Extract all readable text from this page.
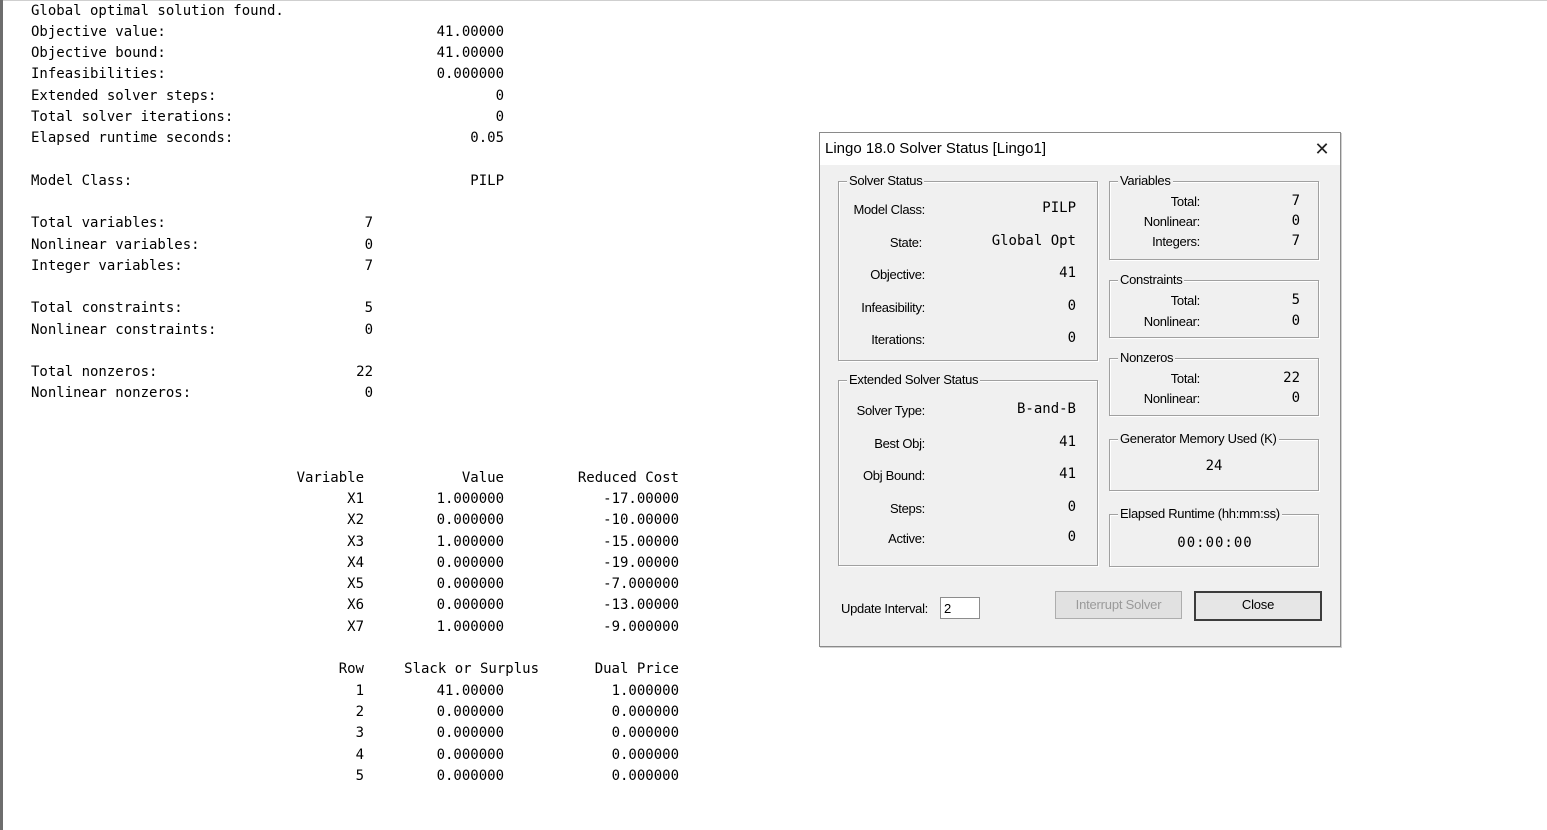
Global optimal solution found.
Objective value:	41.00000
Objective bound:	41.00000
Infeasibilities:	0.000000
Extended solver steps:	0
Total solver iterations:	0
Elapsed runtime seconds:	0.05
Model Class:	PILP
Total variables:	7
Nonlinear variables:	0
Integer variables:	7
Total constraints:	5
Nonlinear constraints:	0
Total nonzeros:	22
Nonlinear nonzeros:	0
Variable	Value	Reduced Cost
X1	1.000000	-17.00000
X2	0.000000	-10.00000
X3	1.000000	-15.00000
X4	0.000000	-19.00000
X5	0.000000	-7.000000
X6	0.000000	-13.00000
X7	1.000000	-9.000000
Row	Slack or Surplus	Dual Price
1	41.00000	1.000000
2	0.000000	0.000000
3	0.000000	0.000000
4	0.000000	0.000000
5	0.000000	0.000000
Lingo 18.0 Solver Status [Lingo1]	✕
Solver Status
Model Class:	PILP
State:	Global Opt
Objective:	41
Infeasibility:	0
Iterations:	0
Extended Solver Status
Solver Type:	B-and-B
Best Obj:	41
Obj Bound:	41
Steps:	0
Active:	0
Variables
Total:	7
Nonlinear:	0
Integers:	7
Constraints
Total:	5
Nonlinear:	0
Nonzeros
Total:	22
Nonlinear:	0
Generator Memory Used (K)
24
Elapsed Runtime (hh:mm:ss)
00:00:00
Update Interval:	2	Interrupt Solver	Close
